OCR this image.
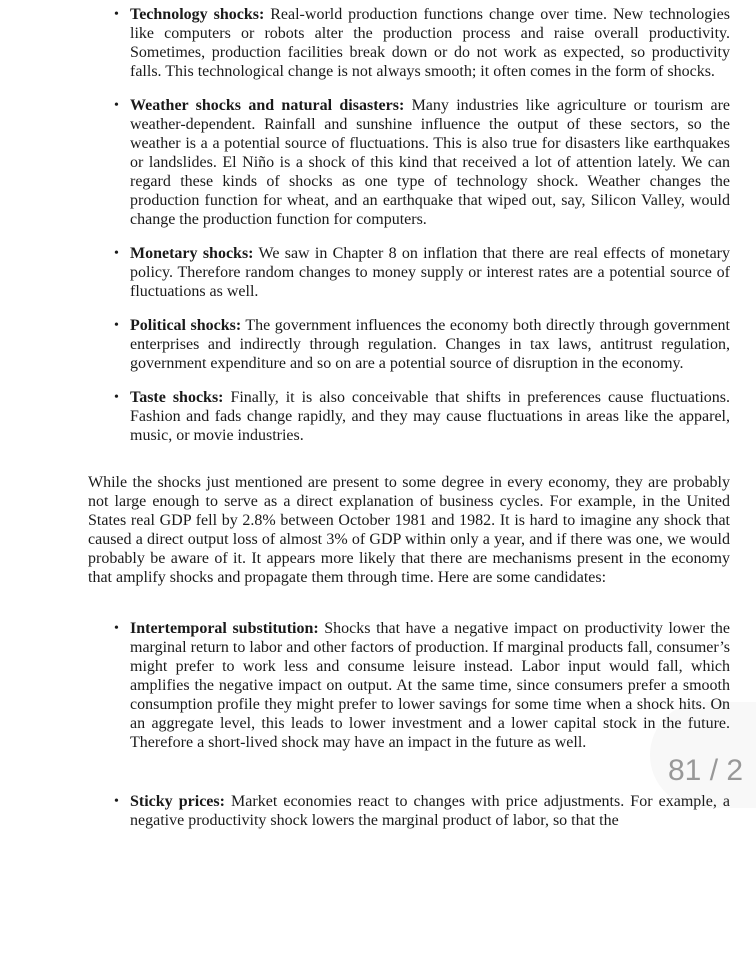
• Technology shocks: Real-world production functions change over time. New technologies like computers or robots alter the production process and raise overall productivity. Sometimes, production facilities break down or do not work as expected, so productivity falls. This technological change is not always smooth; it often comes in the form of shocks.
• Weather shocks and natural disasters: Many industries like agriculture or tourism are weather-dependent. Rainfall and sunshine influence the output of these sectors, so the weather is a a potential source of fluctuations. This is also true for disasters like earthquakes or landslides. El Niño is a shock of this kind that received a lot of attention lately. We can regard these kinds of shocks as one type of technology shock. Weather changes the production function for wheat, and an earthquake that wiped out, say, Silicon Valley, would change the production function for computers.
• Monetary shocks: We saw in Chapter 8 on inflation that there are real effects of monetary policy. Therefore random changes to money supply or interest rates are a potential source of fluctuations as well.
• Political shocks: The government influences the economy both directly through government enterprises and indirectly through regulation. Changes in tax laws, antitrust regulation, government expenditure and so on are a potential source of disruption in the economy.
• Taste shocks: Finally, it is also conceivable that shifts in preferences cause fluctuations. Fashion and fads change rapidly, and they may cause fluctuations in areas like the apparel, music, or movie industries.
While the shocks just mentioned are present to some degree in every economy, they are probably not large enough to serve as a direct explanation of business cycles. For example, in the United States real GDP fell by 2.8% between October 1981 and 1982. It is hard to imagine any shock that caused a direct output loss of almost 3% of GDP within only a year, and if there was one, we would probably be aware of it. It appears more likely that there are mechanisms present in the economy that amplify shocks and propagate them through time. Here are some candidates:
• Intertemporal substitution: Shocks that have a negative impact on productivity lower the marginal return to labor and other factors of production. If marginal products fall, consumer’s might prefer to work less and consume leisure instead. Labor input would fall, which amplifies the negative impact on output. At the same time, since consumers prefer a smooth consumption profile they might prefer to lower savings for some time when a shock hits. On an aggregate level, this leads to lower investment and a lower capital stock in the future. Therefore a short-lived shock may have an impact in the future as well.
• Sticky prices: Market economies react to changes with price adjustments. For example, a negative productivity shock lowers the marginal product of labor, so that the
81 / 2
